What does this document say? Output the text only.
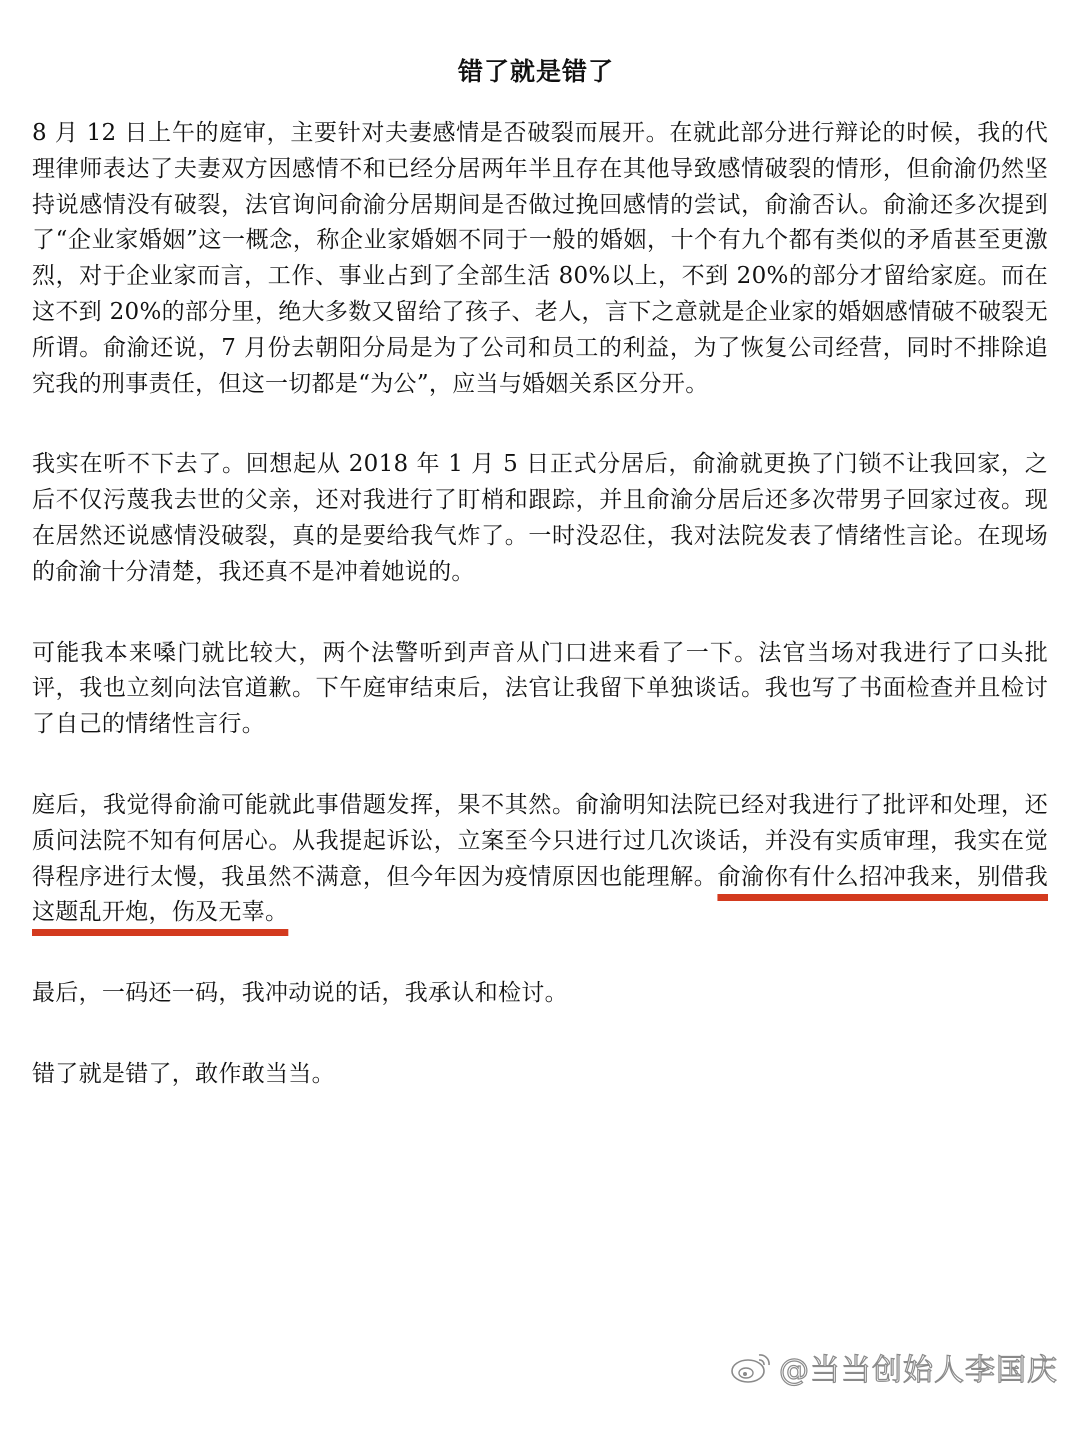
错了就是错了

8 月 12 日上午的庭审，主要针对夫妻感情是否破裂而展开。在就此部分进行辩论的时候，我的代理律师表达了夫妻双方因感情不和已经分居两年半且存在其他导致感情破裂的情形，但俞渝仍然坚持说感情没有破裂，法官询问俞渝分居期间是否做过挽回感情的尝试，俞渝否认。俞渝还多次提到了“企业家婚姻”这一概念，称企业家婚姻不同于一般的婚姻，十个有九个都有类似的矛盾甚至更激烈，对于企业家而言，工作、事业占到了全部生活 80%以上，不到 20%的部分才留给家庭。而在这不到 20%的部分里，绝大多数又留给了孩子、老人，言下之意就是企业家的婚姻感情破不破裂无所谓。俞渝还说，7 月份去朝阳分局是为了公司和员工的利益，为了恢复公司经营，同时不排除追究我的刑事责任，但这一切都是“为公”，应当与婚姻关系区分开。

我实在听不下去了。回想起从 2018 年 1 月 5 日正式分居后，俞渝就更换了门锁不让我回家，之后不仅污蔑我去世的父亲，还对我进行了盯梢和跟踪，并且俞渝分居后还多次带男子回家过夜。现在居然还说感情没破裂，真的是要给我气炸了。一时没忍住，我对法院发表了情绪性言论。在现场的俞渝十分清楚，我还真不是冲着她说的。

可能我本来嗓门就比较大，两个法警听到声音从门口进来看了一下。法官当场对我进行了口头批评，我也立刻向法官道歉。下午庭审结束后，法官让我留下单独谈话。我也写了书面检查并且检讨了自己的情绪性言行。

庭后，我觉得俞渝可能就此事借题发挥，果不其然。俞渝明知法院已经对我进行了批评和处理，还质问法院不知有何居心。从我提起诉讼，立案至今只进行过几次谈话，并没有实质审理，我实在觉得程序进行太慢，我虽然不满意，但今年因为疫情原因也能理解。俞渝你有什么招冲我来，别借我这题乱开炮，伤及无辜。

最后，一码还一码，我冲动说的话，我承认和检讨。

错了就是错了，敢作敢当当。

@当当创始人李国庆
